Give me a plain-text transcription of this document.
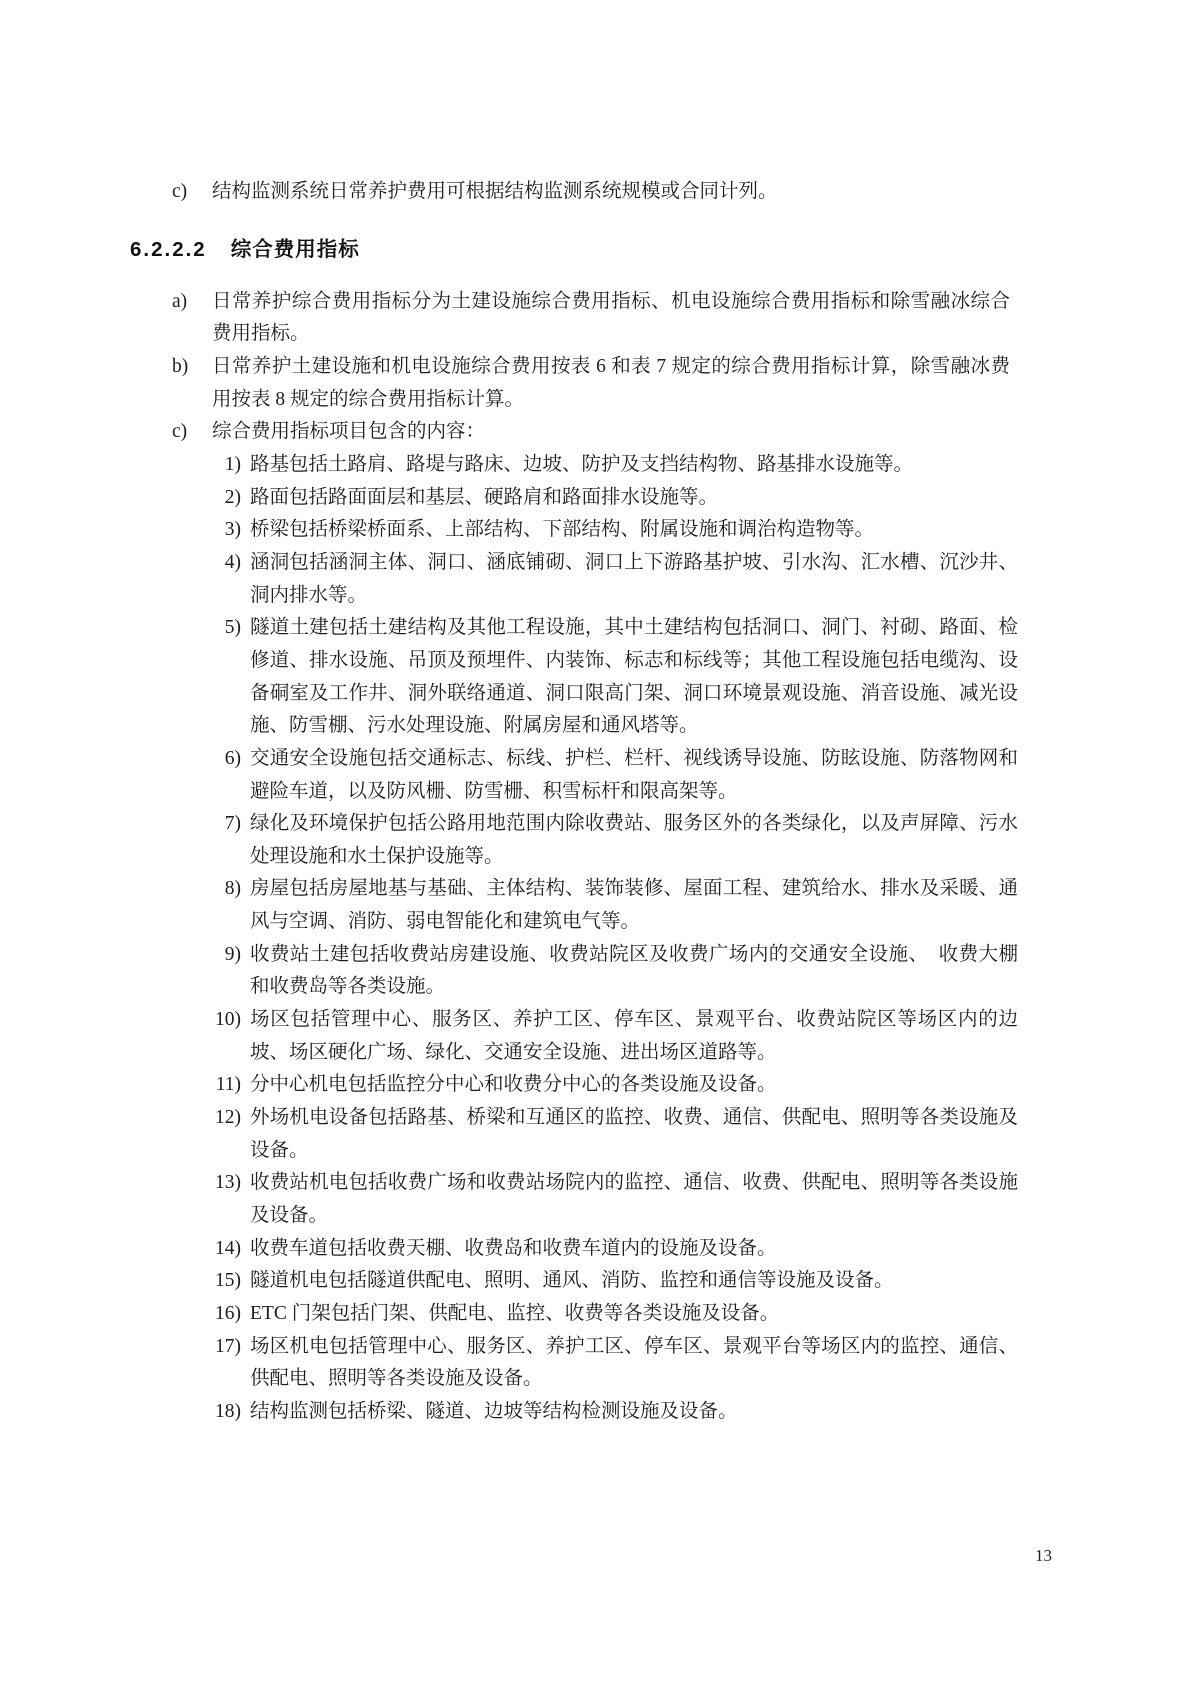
c)	结构监测系统日常养护费用可根据结构监测系统规模或合同计列。
6.2.2.2 综合费用指标
a)	日常养护综合费用指标分为土建设施综合费用指标、机电设施综合费用指标和除雪融冰综合费用指标。
b)	日常养护土建设施和机电设施综合费用按表 6 和表 7 规定的综合费用指标计算，除雪融冰费用按表 8 规定的综合费用指标计算。
c)	综合费用指标项目包含的内容：
1) 路基包括土路肩、路堤与路床、边坡、防护及支挡结构物、路基排水设施等。
2) 路面包括路面面层和基层、硬路肩和路面排水设施等。
3) 桥梁包括桥梁桥面系、上部结构、下部结构、附属设施和调治构造物等。
4) 涵洞包括涵洞主体、洞口、涵底铺砌、洞口上下游路基护坡、引水沟、汇水槽、沉沙井、洞内排水等。
5) 隧道土建包括土建结构及其他工程设施，其中土建结构包括洞口、洞门、衬砌、路面、检修道、排水设施、吊顶及预埋件、内装饰、标志和标线等；其他工程设施包括电缆沟、设备硐室及工作井、洞外联络通道、洞口限高门架、洞口环境景观设施、消音设施、减光设施、防雪棚、污水处理设施、附属房屋和通风塔等。
6) 交通安全设施包括交通标志、标线、护栏、栏杆、视线诱导设施、防眩设施、防落物网和避险车道，以及防风栅、防雪栅、积雪标杆和限高架等。
7) 绿化及环境保护包括公路用地范围内除收费站、服务区外的各类绿化，以及声屏障、污水处理设施和水土保护设施等。
8) 房屋包括房屋地基与基础、主体结构、装饰装修、屋面工程、建筑给水、排水及采暖、通风与空调、消防、弱电智能化和建筑电气等。
9) 收费站土建包括收费站房建设施、收费站院区及收费广场内的交通安全设施、　收费大棚和收费岛等各类设施。
10) 场区包括管理中心、服务区、养护工区、停车区、景观平台、收费站院区等场区内的边坡、场区硬化广场、绿化、交通安全设施、进出场区道路等。
11) 分中心机电包括监控分中心和收费分中心的各类设施及设备。
12) 外场机电设备包括路基、桥梁和互通区的监控、收费、通信、供配电、照明等各类设施及设备。
13) 收费站机电包括收费广场和收费站场院内的监控、通信、收费、供配电、照明等各类设施及设备。
14) 收费车道包括收费天棚、收费岛和收费车道内的设施及设备。
15) 隧道机电包括隧道供配电、照明、通风、消防、监控和通信等设施及设备。
16) ETC 门架包括门架、供配电、监控、收费等各类设施及设备。
17) 场区机电包括管理中心、服务区、养护工区、停车区、景观平台等场区内的监控、通信、供配电、照明等各类设施及设备。
18) 结构监测包括桥梁、隧道、边坡等结构检测设施及设备。
13
